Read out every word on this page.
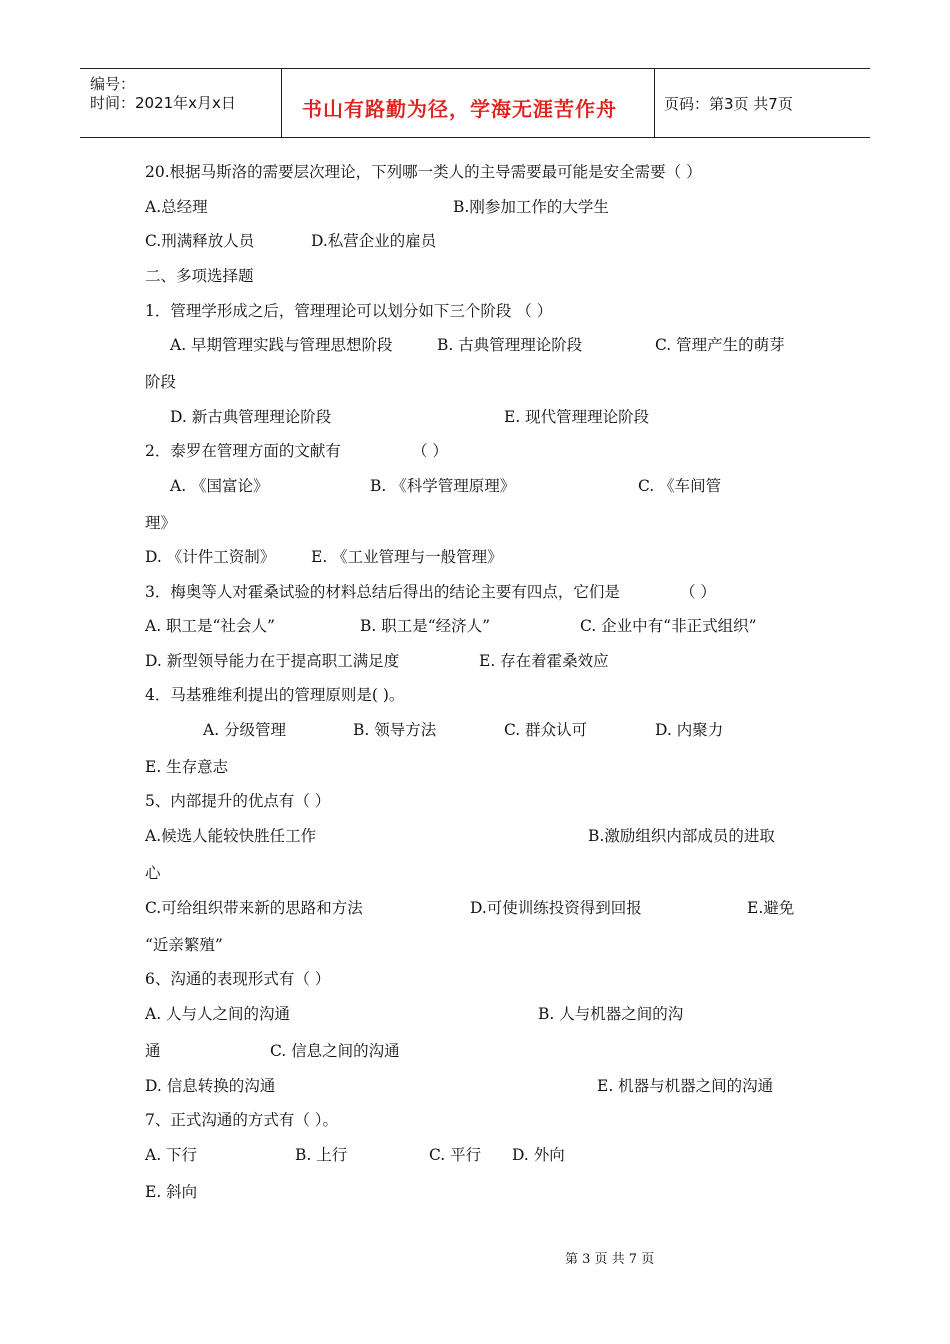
编号：
时间：2021年x月x日	书山有路勤为径，学海无涯苦作舟	页码：第3页 共7页
20.根据马斯洛的需要层次理论，下列哪一类人的主导需要最可能是安全需要（ ）
A.总经理	B.刚参加工作的大学生
C.刑满释放人员	D.私营企业的雇员
二、多项选择题
1．管理学形成之后，管理理论可以划分如下三个阶段 （ ）
A. 早期管理实践与管理思想阶段	B. 古典管理理论阶段	C. 管理产生的萌芽
阶段
D. 新古典管理理论阶段	E. 现代管理理论阶段
2．泰罗在管理方面的文献有	（ ）
A. 《国富论》	B. 《科学管理原理》	C. 《车间管
理》
D. 《计件工资制》 E. 《工业管理与一般管理》
3．梅奥等人对霍桑试验的材料总结后得出的结论主要有四点，它们是	（ ）
A. 职工是“社会人”	B. 职工是“经济人”	C. 企业中有“非正式组织”
D. 新型领导能力在于提高职工满足度	E. 存在着霍桑效应
4．马基雅维利提出的管理原则是( )。
A. 分级管理	B. 领导方法	C. 群众认可	D. 内聚力
E. 生存意志
5、内部提升的优点有（ ）
A.候选人能较快胜任工作	B.激励组织内部成员的进取
心
C.可给组织带来新的思路和方法	D.可使训练投资得到回报	E.避免
“近亲繁殖”
6、沟通的表现形式有（ ）
A. 人与人之间的沟通	B. 人与机器之间的沟
通	C. 信息之间的沟通
D. 信息转换的沟通	E. 机器与机器之间的沟通
7、正式沟通的方式有（ ）。
A. 下行	B. 上行	C. 平行 D. 外向
E. 斜向
第 3 页 共 7 页
